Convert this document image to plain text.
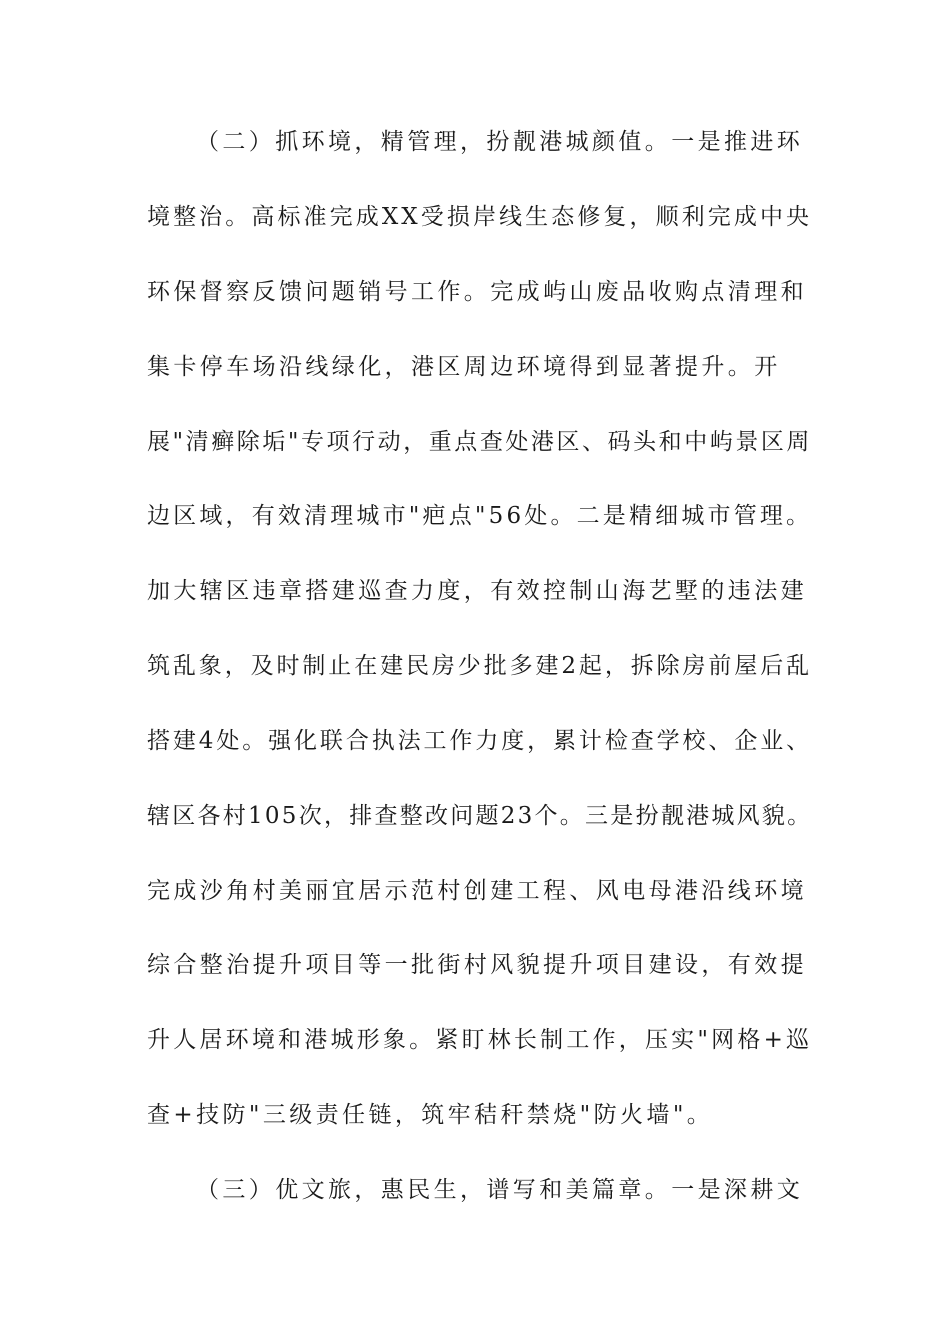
（二）抓环境，精管理，扮靓港城颜值。一是推进环
境整治。高标准完成XX受损岸线生态修复，顺利完成中央
环保督察反馈问题销号工作。完成屿山废品收购点清理和
集卡停车场沿线绿化，港区周边环境得到显著提升。开
展"清癣除垢"专项行动，重点查处港区、码头和中屿景区周
边区域，有效清理城市"疤点"56处。二是精细城市管理。
加大辖区违章搭建巡查力度，有效控制山海艺墅的违法建
筑乱象，及时制止在建民房少批多建2起，拆除房前屋后乱
搭建4处。强化联合执法工作力度，累计检查学校、企业、
辖区各村105次，排查整改问题23个。三是扮靓港城风貌。
完成沙角村美丽宜居示范村创建工程、风电母港沿线环境
综合整治提升项目等一批街村风貌提升项目建设，有效提
升人居环境和港城形象。紧盯林长制工作，压实"网格+巡
查+技防"三级责任链，筑牢秸秆禁烧"防火墙"。
（三）优文旅，惠民生，谱写和美篇章。一是深耕文
